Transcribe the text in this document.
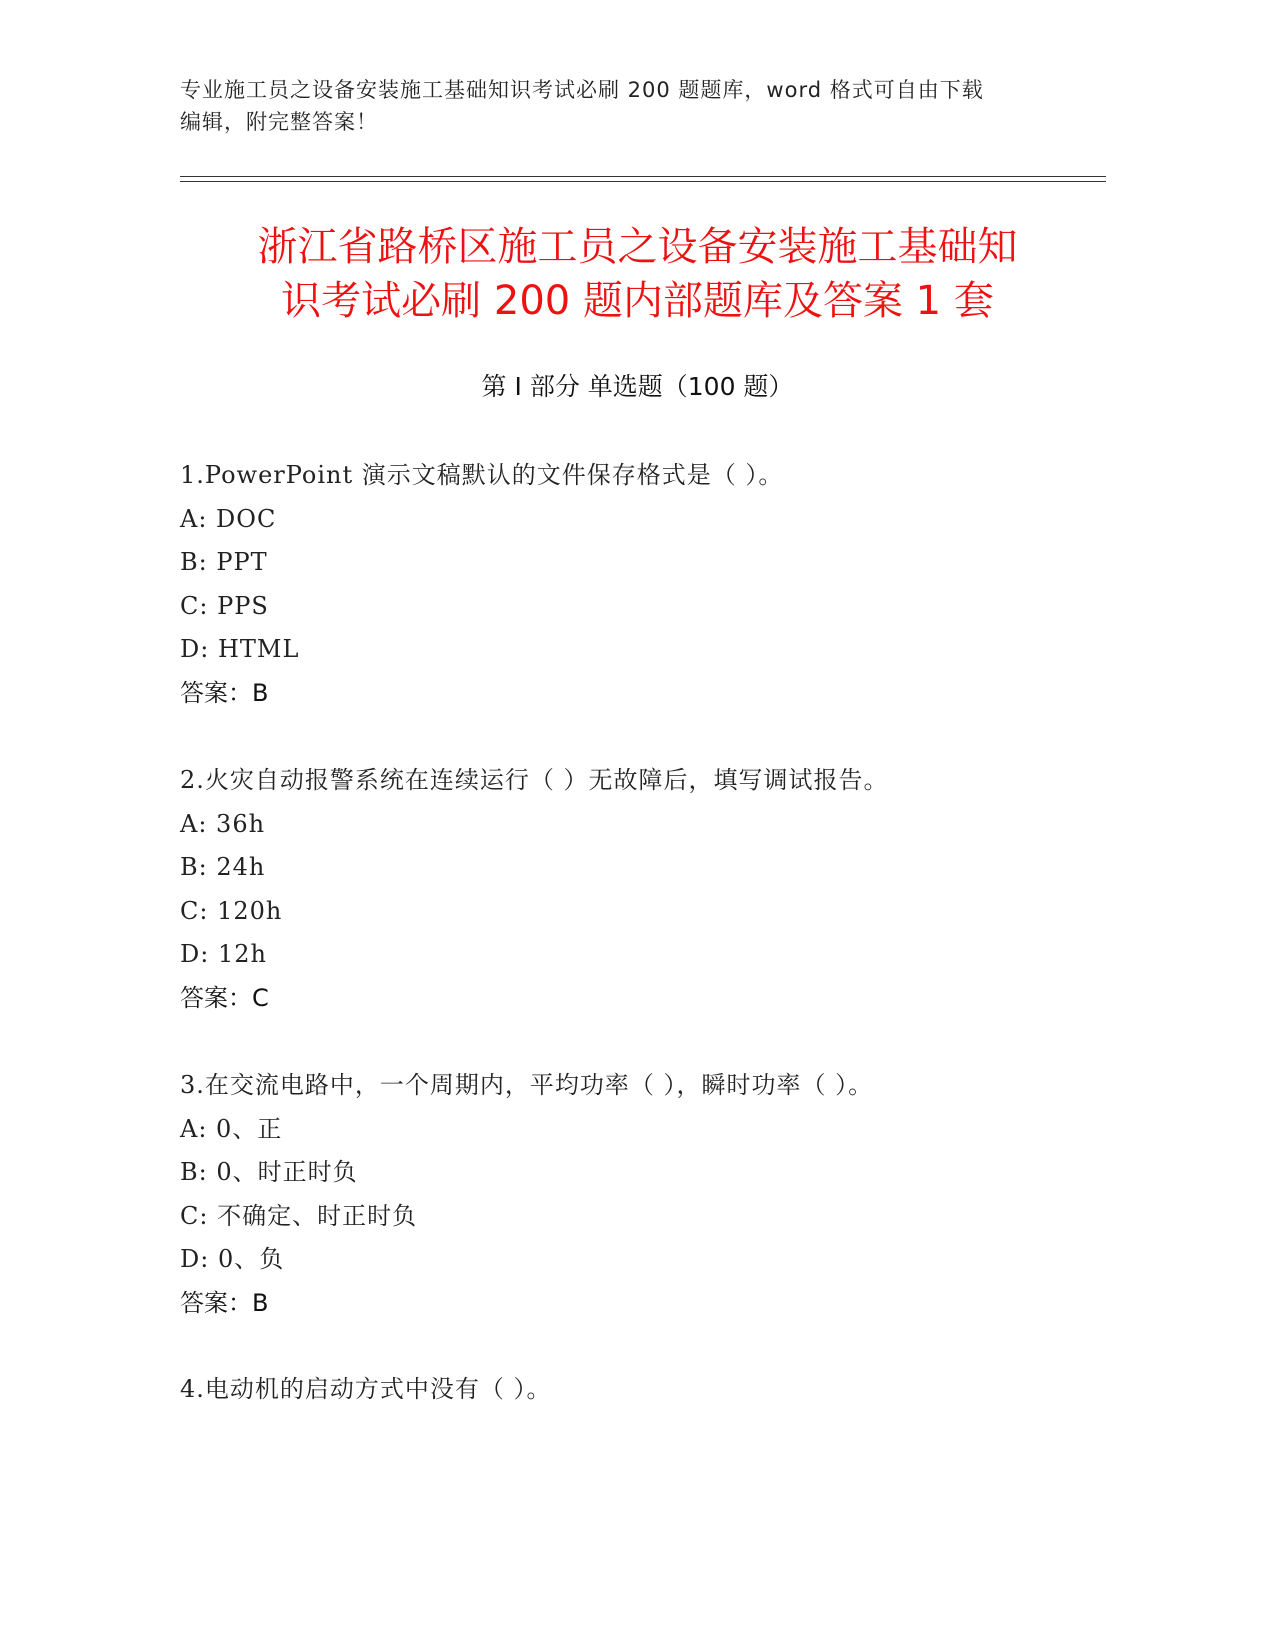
专业施工员之设备安装施工基础知识考试必刷 200 题题库，word 格式可自由下载
编辑，附完整答案！
浙江省路桥区施工员之设备安装施工基础知
识考试必刷 200 题内部题库及答案 1 套
第 I 部分 单选题（100 题）
1.PowerPoint 演示文稿默认的文件保存格式是（ ）。
A: DOC
B: PPT
C: PPS
D: HTML
答案：B
2.火灾自动报警系统在连续运行（ ）无故障后，填写调试报告。
A: 36h
B: 24h
C: 120h
D: 12h
答案：C
3.在交流电路中，一个周期内，平均功率（ ），瞬时功率（ ）。
A: 0、正
B: 0、时正时负
C: 不确定、时正时负
D: 0、负
答案：B
4.电动机的启动方式中没有（ ）。
